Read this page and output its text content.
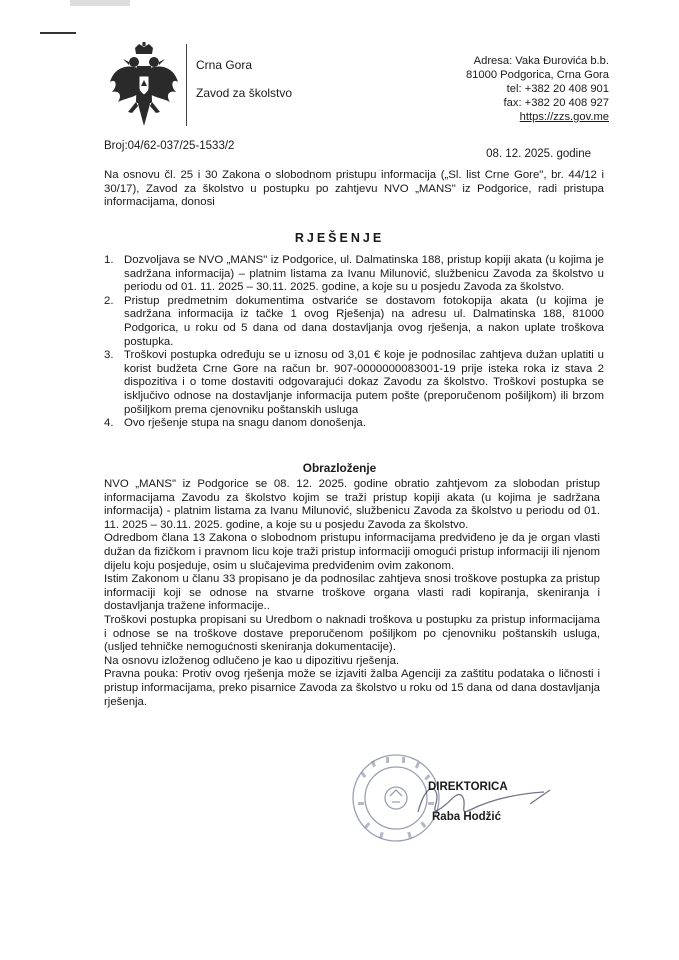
Crna Gora
Zavod za školstvo
Adresa: Vaka Đurovića b.b.
81000 Podgorica, Crna Gora
tel: +382 20 408 901
fax: +382 20 408 927
https://zzs.gov.me
Broj:04/62-037/25-1533/2
08. 12. 2025. godine
Na osnovu čl. 25 i 30 Zakona o slobodnom pristupu informacija („Sl. list Crne Gore", br. 44/12 i 30/17), Zavod za školstvo u postupku po zahtjevu NVO „MANS" iz Podgorice, radi pristupa informacijama, donosi
RJEŠENJE
1. Dozvoljava se NVO „MANS" iz Podgorice, ul. Dalmatinska 188, pristup kopiji akata (u kojima je sadržana informacija) – platnim listama za Ivanu Milunović, službenicu Zavoda za školstvo u periodu od 01. 11. 2025 – 30.11. 2025. godine, a koje su u posjedu Zavoda za školstvo.
2. Pristup predmetnim dokumentima ostvariće se dostavom fotokopija akata (u kojima je sadržana informacija iz tačke 1 ovog Rješenja) na adresu ul. Dalmatinska 188, 81000 Podgorica, u roku od 5 dana od dana dostavljanja ovog rješenja, a nakon uplate troškova postupka.
3. Troškovi postupka određuju se u iznosu od 3,01 € koje je podnosilac zahtjeva dužan uplatiti u korist budžeta Crne Gore na račun br. 907-0000000083001-19 prije isteka roka iz stava 2 dispozitiva i o tome dostaviti odgovarajući dokaz Zavodu za školstvo. Troškovi postupka se isključivo odnose na dostavljanje informacija putem pošte (preporučenom pošiljkom) ili brzom pošiljkom prema cjenovniku poštanskih usluga
4. Ovo rješenje stupa na snagu danom donošenja.
Obrazloženje

NVO „MANS" iz Podgorice se 08. 12. 2025. godine obratio zahtjevom za slobodan pristup informacijama Zavodu za školstvo kojim se traži pristup kopiji akata (u kojima je sadržana informacija) - platnim listama za Ivanu Milunović, službenicu Zavoda za školstvo u periodu od 01. 11. 2025 – 30.11. 2025. godine, a koje su u posjedu Zavoda za školstvo.

Odredbom člana 13 Zakona o slobodnom pristupu informacijama predviđeno je da je organ vlasti dužan da fizičkom i pravnom licu koje traži pristup informaciji omogući pristup informaciji ili njenom dijelu koju posjeduje, osim u slučajevima predviđenim ovim zakonom.

Istim Zakonom u članu 33 propisano je da podnosilac zahtjeva snosi troškove postupka za pristup informaciji koji se odnose na stvarne troškove organa vlasti radi kopiranja, skeniranja i dostavljanja tražene informacije..

Troškovi postupka propisani su Uredbom o naknadi troškova u postupku za pristup informacijama i odnose se na troškove dostave preporučenom pošiljkom po cjenovniku poštanskih usluga, (usljed tehničke nemogućnosti skeniranja dokumentacije).

Na osnovu izloženog odlučeno je kao u dipozitivu rješenja.

Pravna pouka: Protiv ovog rješenja može se izjaviti žalba Agenciji za zaštitu podataka o ličnosti i pristup informacijama, preko pisarnice Zavoda za školstvo u roku od 15 dana od dana dostavljanja rješenja.

DIREKTORICA
Raba Hodžić
